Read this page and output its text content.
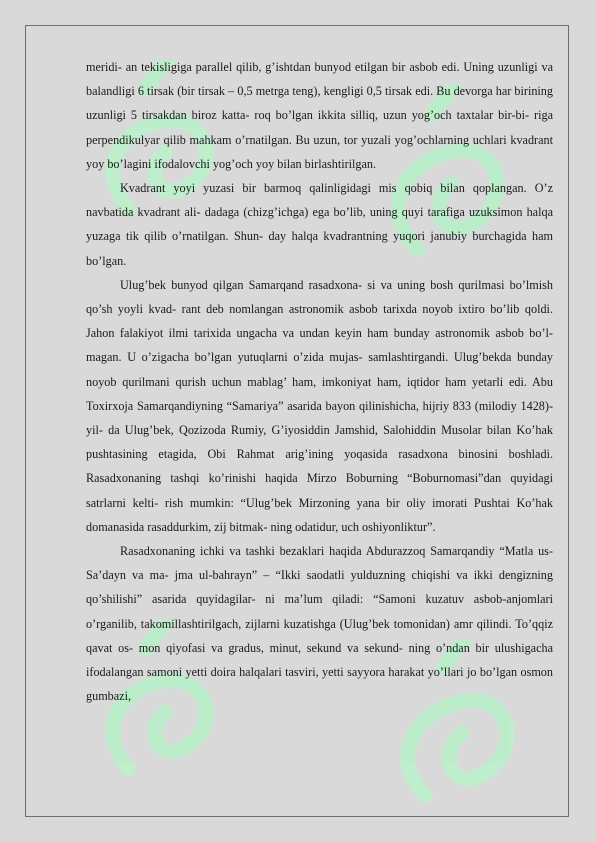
meridi- an tekisligiga parallel qilib, g’ishtdan bunyod etilgan bir asbob edi. Uning uzunligi va balandligi 6 tirsak (bir tirsak – 0,5 metrga teng), kengligi 0,5 tirsak edi. Bu devorga har birining uzunligi 5 tirsakdan biroz katta- roq bo’lgan ikkita silliq, uzun yog’och taxtalar bir-bi- riga perpendikulyar qilib mahkam o’rnatilgan. Bu uzun, tor yuzali yog’ochlarning uchlari kvadrant yoy bo’lagini ifodalovchi yog’och yoy bilan birlashtirilgan.

Kvadrant yoyi yuzasi bir barmoq qalinligidagi mis qobiq bilan qoplangan. O’z navbatida kvadrant ali- dadaga (chizg’ichga) ega bo’lib, uning quyi tarafiga uzuksimon halqa yuzaga tik qilib o’rnatilgan. Shun- day halqa kvadrantning yuqori janubiy burchagida ham bo’lgan.

Ulug’bek bunyod qilgan Samarqand rasadxona- si va uning bosh qurilmasi bo’lmish qo’sh yoyli kvad- rant deb nomlangan astronomik asbob tarixda noyob ixtiro bo’lib qoldi. Jahon falakiyot ilmi tarixida ungacha va undan keyin ham bunday astronomik asbob bo’l- magan. U o’zigacha bo’lgan yutuqlarni o’zida mujas- samlashtirgandi. Ulug’bekda bunday noyob qurilmani qurish uchun mablag’ ham, imkoniyat ham, iqtidor ham yetarli edi. Abu Toxirxoja Samarqandiyning “Samariya” asarida bayon qilinishicha, hijriy 833 (milodiy 1428)-yil- da Ulug’bek, Qozizoda Rumiy, G’iyosiddin Jamshid, Salohiddin Musolar bilan Ko’hak pushtasining etagida, Obi Rahmat arig’ining yoqasida rasadxona binosini boshladi. Rasadxonaning tashqi ko’rinishi haqida Mirzo Boburning “Boburnomasi”dan quyidagi satrlarni kelti- rish mumkin: “Ulug’bek Mirzoning yana bir oliy imorati Pushtai Ko’hak domanasida rasaddurkim, zij bitmak- ning odatidur, uch oshiyonliktur”.

Rasadxonaning ichki va tashki bezaklari haqida Abdurazzoq Samarqandiy “Matla us-Sa’dayn va ma- jma ul-bahrayn” – “Ikki saodatli yulduzning chiqishi va ikki dengizning qo’shilishi” asarida quyidagilar- ni ma’lum qiladi: “Samoni kuzatuv asbob-anjomlari o’rganilib, takomillashtirilgach, zijlarni kuzatishga (Ulug’bek tomonidan) amr qilindi. To’qqiz qavat os- mon qiyofasi va gradus, minut, sekund va sekund- ning o’ndan bir ulushigacha ifodalangan samoni yetti doira halqalari tasviri, yetti sayyora harakat yo’llari jo bo’lgan osmon gumbazi,
